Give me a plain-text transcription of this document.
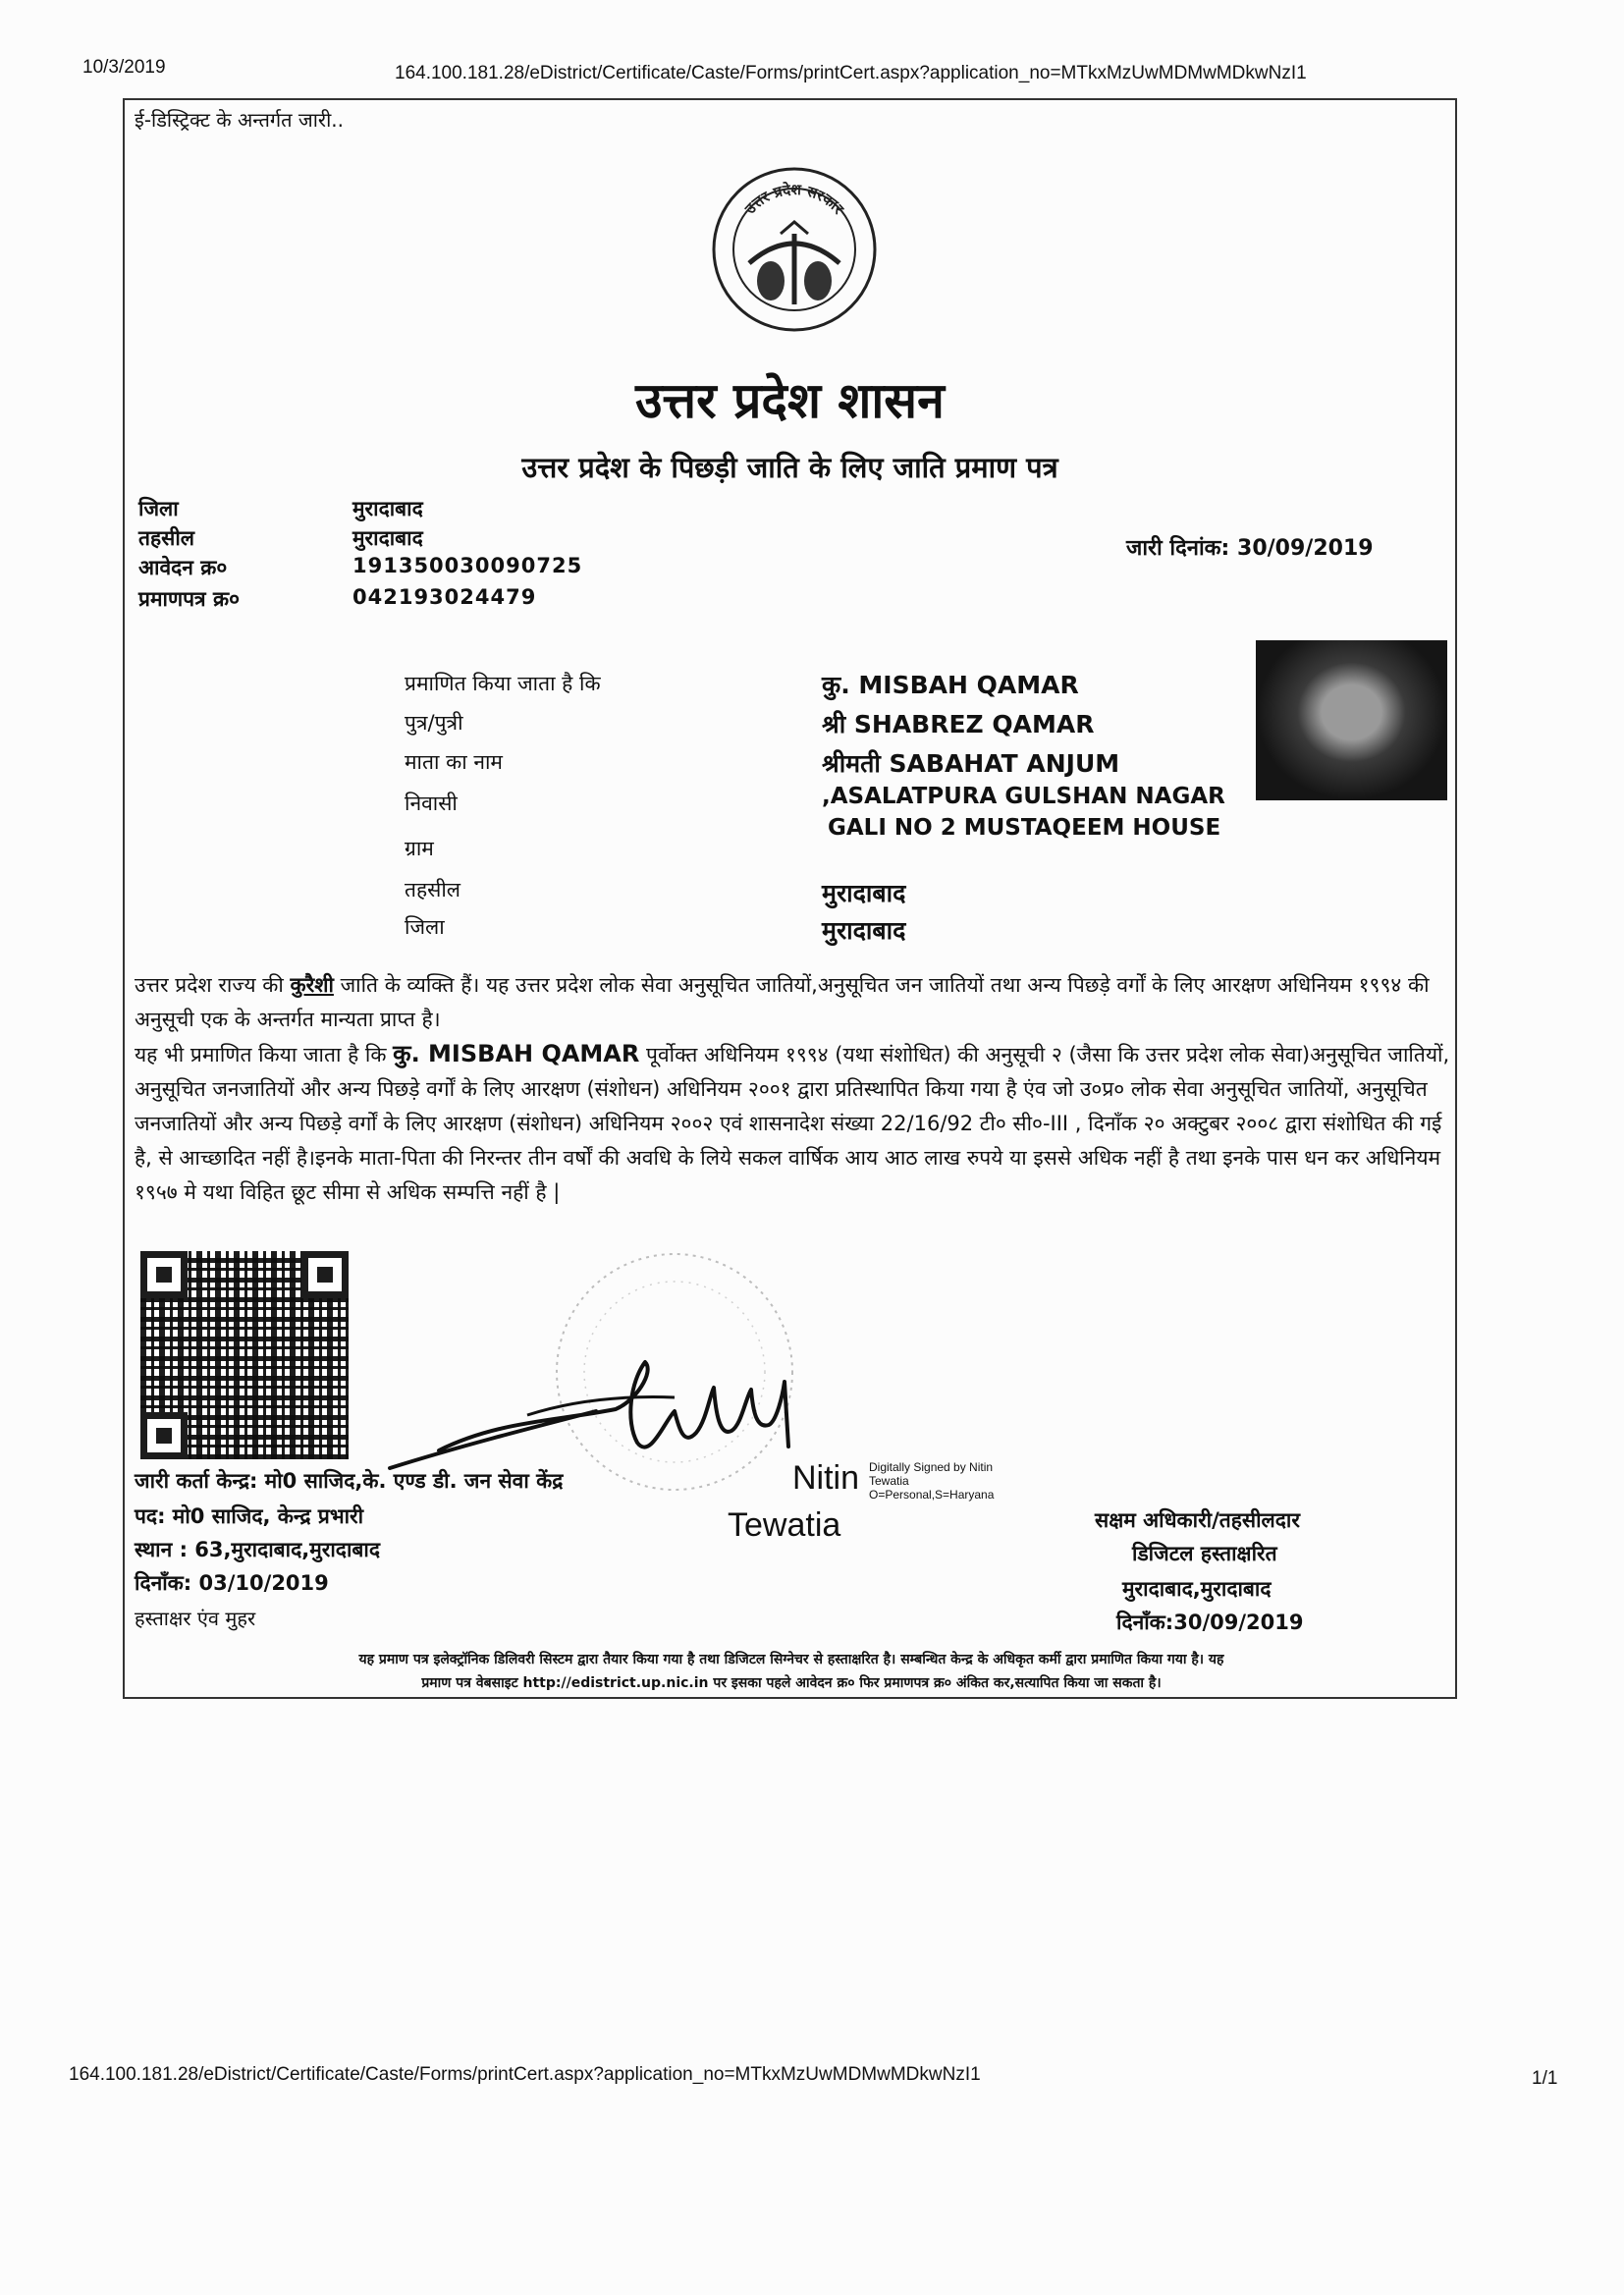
10/3/2019	164.100.181.28/eDistrict/Certificate/Caste/Forms/printCert.aspx?application_no=MTkxMzUwMDMwMDkwNzI1
ई-डिस्ट्रिक्ट के अन्तर्गत जारी..
उत्तर प्रदेश सरकार
उत्तर प्रदेश शासन
उत्तर प्रदेश के पिछड़ी जाति के लिए जाति प्रमाण पत्र
जिला	मुरादाबाद
तहसील	मुरादाबाद
आवेदन क्र०	191350030090725
प्रमाणपत्र क्र०	042193024479
जारी दिनांक: 30/09/2019
प्रमाणित किया जाता है कि	कु. MISBAH QAMAR
पुत्र/पुत्री	श्री SHABREZ QAMAR
माता का नाम	श्रीमती SABAHAT ANJUM
निवासी	,ASALATPURA GULSHAN NAGAR
GALI NO 2 MUSTAQEEM HOUSE
ग्राम
तहसील	मुरादाबाद
जिला	मुरादाबाद
उत्तर प्रदेश राज्य की कुरैशी जाति के व्यक्ति हैं। यह उत्तर प्रदेश लोक सेवा अनुसूचित जातियों,अनुसूचित जन जातियों तथा अन्य पिछड़े वर्गों के लिए आरक्षण अधिनियम १९९४ की अनुसूची एक के अन्तर्गत मान्यता प्राप्त है।
यह भी प्रमाणित किया जाता है कि कु. MISBAH QAMAR पूर्वोक्त अधिनियम १९९४ (यथा संशोधित) की अनुसूची २ (जैसा कि उत्तर प्रदेश लोक सेवा)अनुसूचित जातियों, अनुसूचित जनजातियों और अन्य पिछड़े वर्गों के लिए आरक्षण (संशोधन) अधिनियम २००१ द्वारा प्रतिस्थापित किया गया है एंव जो उ०प्र० लोक सेवा अनुसूचित जातियों, अनुसूचित जनजातियों और अन्य पिछड़े वर्गों के लिए आरक्षण (संशोधन) अधिनियम २००२ एवं शासनादेश संख्या 22/16/92 टी० सी०-III , दिनाँक २० अक्टुबर २००८ द्वारा संशोधित की गई है, से आच्छादित नहीं है।इनके माता-पिता की निरन्तर तीन वर्षों की अवधि के लिये सकल वार्षिक आय आठ लाख रुपये या इससे अधिक नहीं है तथा इनके पास धन कर अधिनियम १९५७ मे यथा विहित छूट सीमा से अधिक सम्पत्ति नहीं है |
जारी कर्ता केन्द्र: मो0 साजिद,के. एण्ड डी. जन सेवा केंद्र
पद: मो0 साजिद, केन्द्र प्रभारी
स्थान : 63,मुरादाबाद,मुरादाबाद
दिनाँक: 03/10/2019
हस्ताक्षर एंव मुहर
Nitin Digitally Signed by Nitin
Tewatia
O=Personal,S=Haryana
Tewatia	सक्षम अधिकारी/तहसीलदार
डिजिटल हस्ताक्षरित
मुरादाबाद,मुरादाबाद
दिनाँक:30/09/2019
यह प्रमाण पत्र इलेक्ट्रॉनिक डिलिवरी सिस्टम द्वारा तैयार किया गया है तथा डिजिटल सिग्नेचर से हस्ताक्षरित है। सम्बन्धित केन्द्र के अधिकृत कर्मी द्वारा प्रमाणित किया गया है। यह
प्रमाण पत्र वेबसाइट http://edistrict.up.nic.in पर इसका पहले आवेदन क्र० फिर प्रमाणपत्र क्र० अंकित कर,सत्यापित किया जा सकता है।
164.100.181.28/eDistrict/Certificate/Caste/Forms/printCert.aspx?application_no=MTkxMzUwMDMwMDkwNzI1	1/1
